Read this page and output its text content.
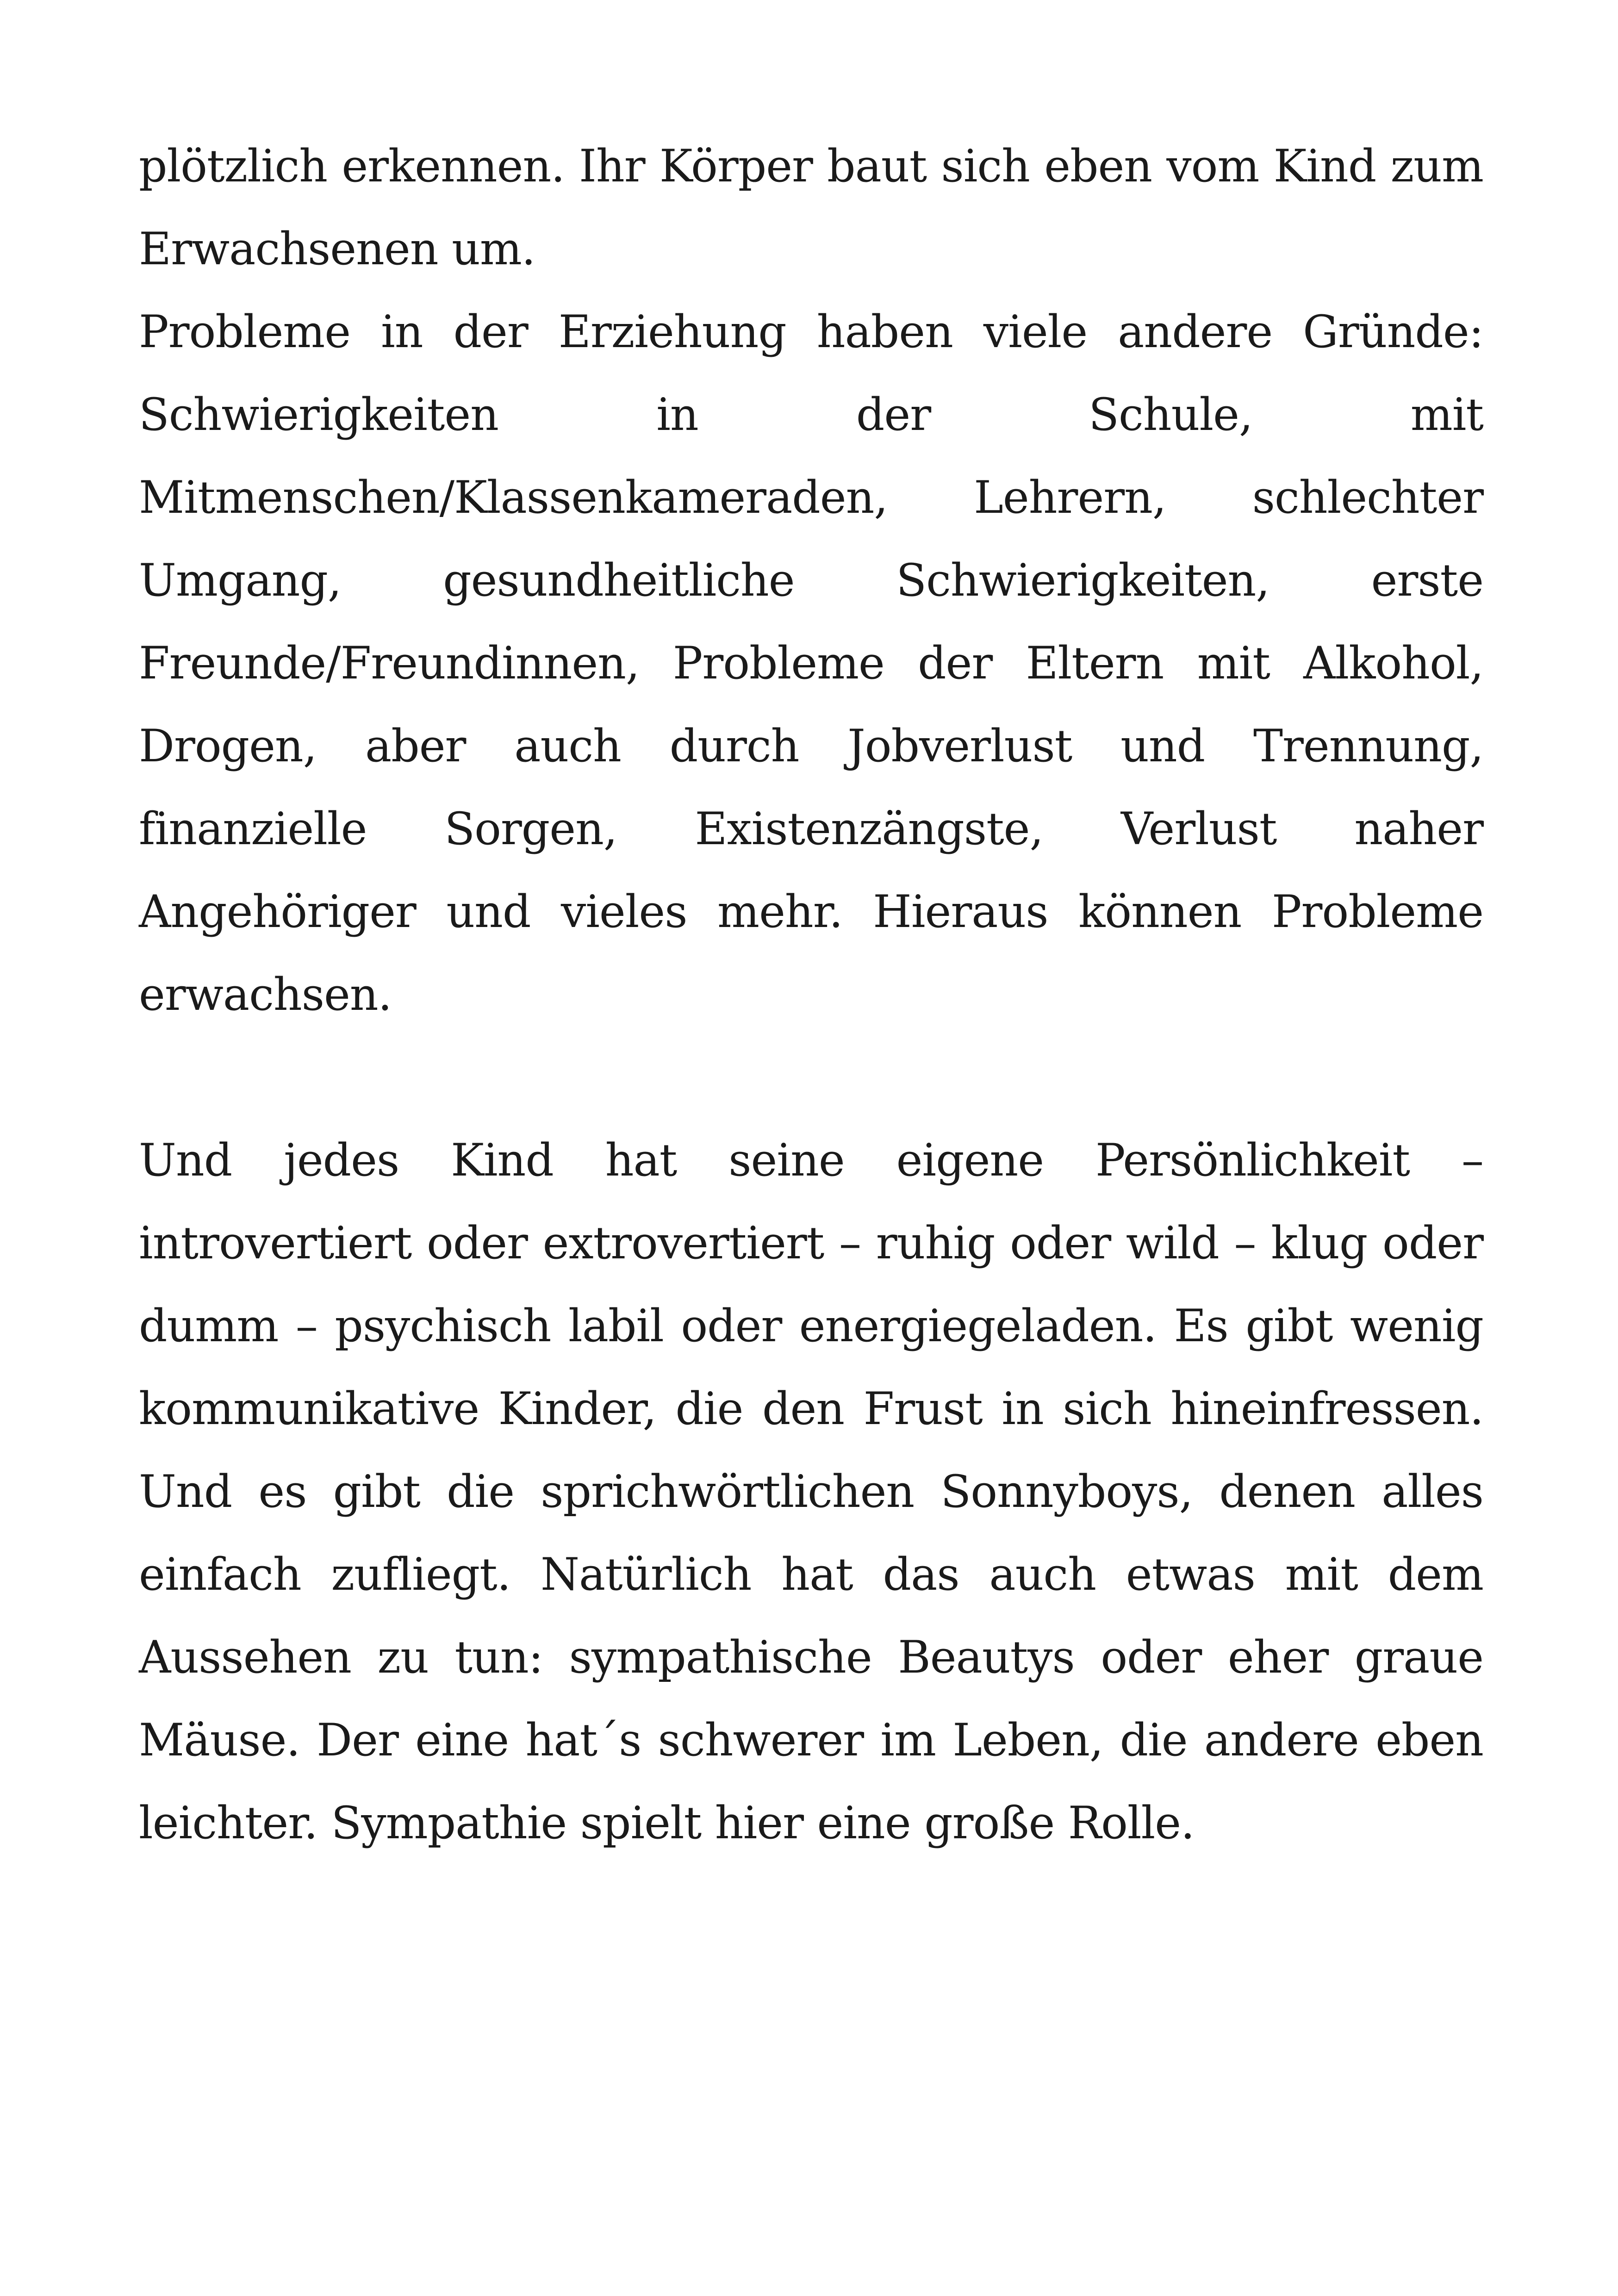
plötzlich erkennen. Ihr Körper baut sich eben vom Kind zum Erwachsenen um.

Probleme in der Erziehung haben viele andere Gründe: Schwierigkeiten in der Schule, mit Mitmenschen/Klassenkameraden, Lehrern, schlechter Umgang, gesundheitliche Schwierigkeiten, erste Freunde/Freundinnen, Probleme der Eltern mit Alkohol, Drogen, aber auch durch Jobverlust und Trennung, finanzielle Sorgen, Existenzängste, Verlust naher Angehöriger und vieles mehr. Hieraus können Probleme erwachsen.

Und jedes Kind hat seine eigene Persönlichkeit – introvertiert oder extrovertiert – ruhig oder wild – klug oder dumm – psychisch labil oder energiegeladen. Es gibt wenig kommunikative Kinder, die den Frust in sich hineinfressen. Und es gibt die sprichwörtlichen Sonnyboys, denen alles einfach zufliegt. Natürlich hat das auch etwas mit dem Aussehen zu tun: sympathische Beautys oder eher graue Mäuse. Der eine hat´s schwerer im Leben, die andere eben leichter. Sympathie spielt hier eine große Rolle.
